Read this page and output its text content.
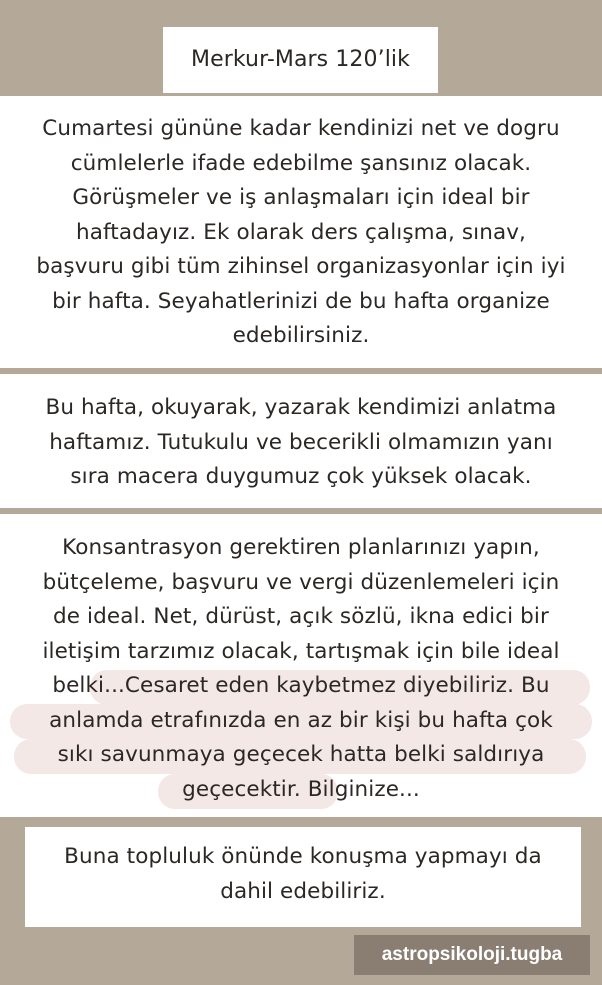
Merkur-Mars 120’lik
Cumartesi gününe kadar kendinizi net ve dogru
cümlelerle ifade edebilme şansınız olacak.
Görüşmeler ve iş anlaşmaları için ideal bir
haftadayız. Ek olarak ders çalışma, sınav,
başvuru gibi tüm zihinsel organizasyonlar için iyi
bir hafta. Seyahatlerinizi de bu hafta organize
edebilirsiniz.
Bu hafta, okuyarak, yazarak kendimizi anlatma
haftamız. Tutukulu ve becerikli olmamızın yanı
sıra macera duygumuz çok yüksek olacak.
Konsantrasyon gerektiren planlarınızı yapın,
bütçeleme, başvuru ve vergi düzenlemeleri için
de ideal. Net, dürüst, açık sözlü, ikna edici bir
iletişim tarzımız olacak, tartışmak için bile ideal
belki...Cesaret eden kaybetmez diyebiliriz. Bu
anlamda etrafınızda en az bir kişi bu hafta çok
sıkı savunmaya geçecek hatta belki saldırıya
geçecektir. Bilginize...
Buna topluluk önünde konuşma yapmayı da
dahil edebiliriz.
astropsikoloji.tugba
